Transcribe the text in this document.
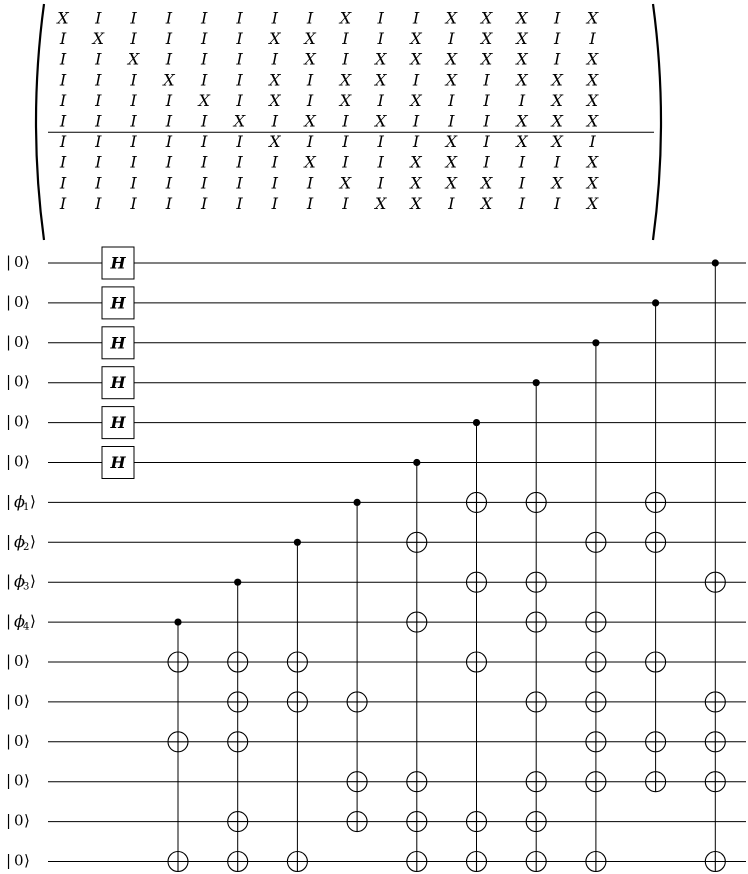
X I I I I I I I X I I X X X I X
I X I I I I X X I I X I X X I I
I I X I I I I X I X X X X X I X
I I I X I I X I X X I X I X X X
I I I I X I X I X I X I I I X X
I I I I I X I X I X I I I X X X
I I I I I I X I I I I X I X X I
I I I I I I I X I I X X I I I X
I I I I I I I I X I X X X I X X
I I I I I I I I I X X I X I I X
| 0 ⟩
| 0 ⟩
| 0 ⟩
| 0 ⟩
| 0 ⟩
| 0 ⟩
| ϕ
1 ⟩
| ϕ
2 ⟩
| ϕ
3 ⟩
| ϕ
4 ⟩
| 0 ⟩
| 0 ⟩
| 0 ⟩
| 0 ⟩
| 0 ⟩
| 0 ⟩
H
H
H
H
H
H
